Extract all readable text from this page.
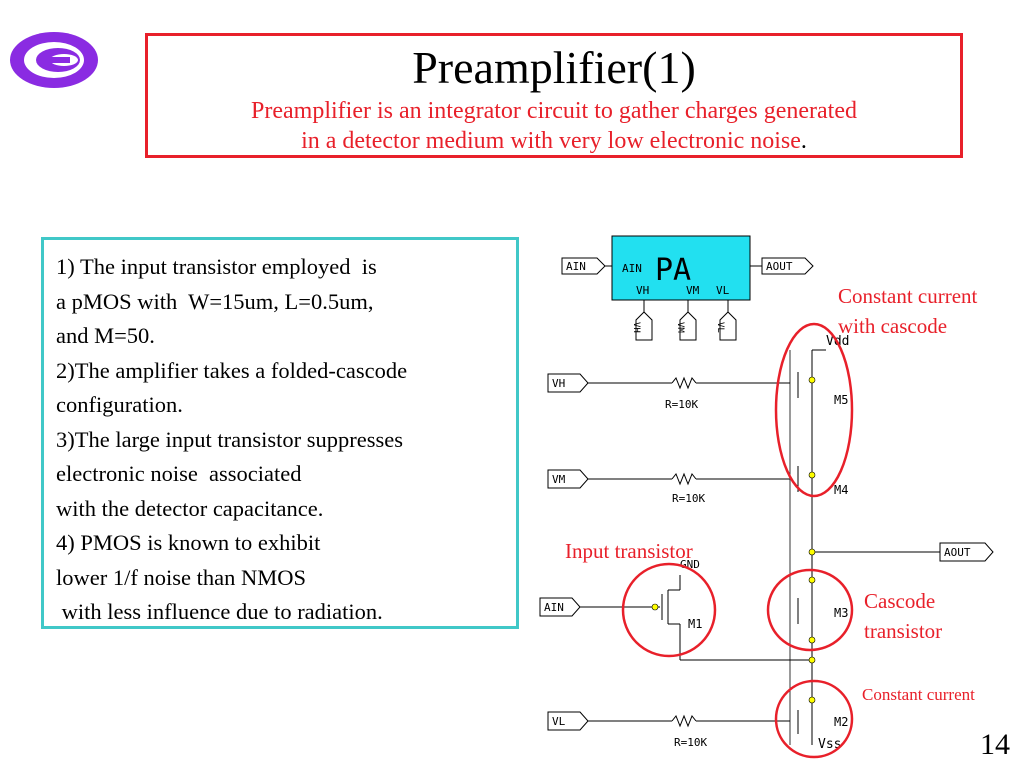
Preamplifier(1)
Preamplifier is an integrator circuit to gather charges generated
in a detector medium with very low electronic noise.
1) The input transistor employed  is
a pMOS with  W=15um, L=0.5um,
and M=50.
2)The amplifier takes a folded-cascode
configuration.
3)The large input transistor suppresses
electronic noise  associated
with the detector capacitance.
4) PMOS is known to exhibit
lower 1/f noise than NMOS
with less influence due to radiation.
PA
AIN
VH	VM VL
AIN	AOUT
VH	VM	VL
Vdd
VH
R=10K	M5
VM
R=10K
M4
AOUT
M3
AIN
GND
M1
VL
R=10K
M2
Vss
Constant current
with cascode
Input transistor
Cascode
transistor
Constant current
14
